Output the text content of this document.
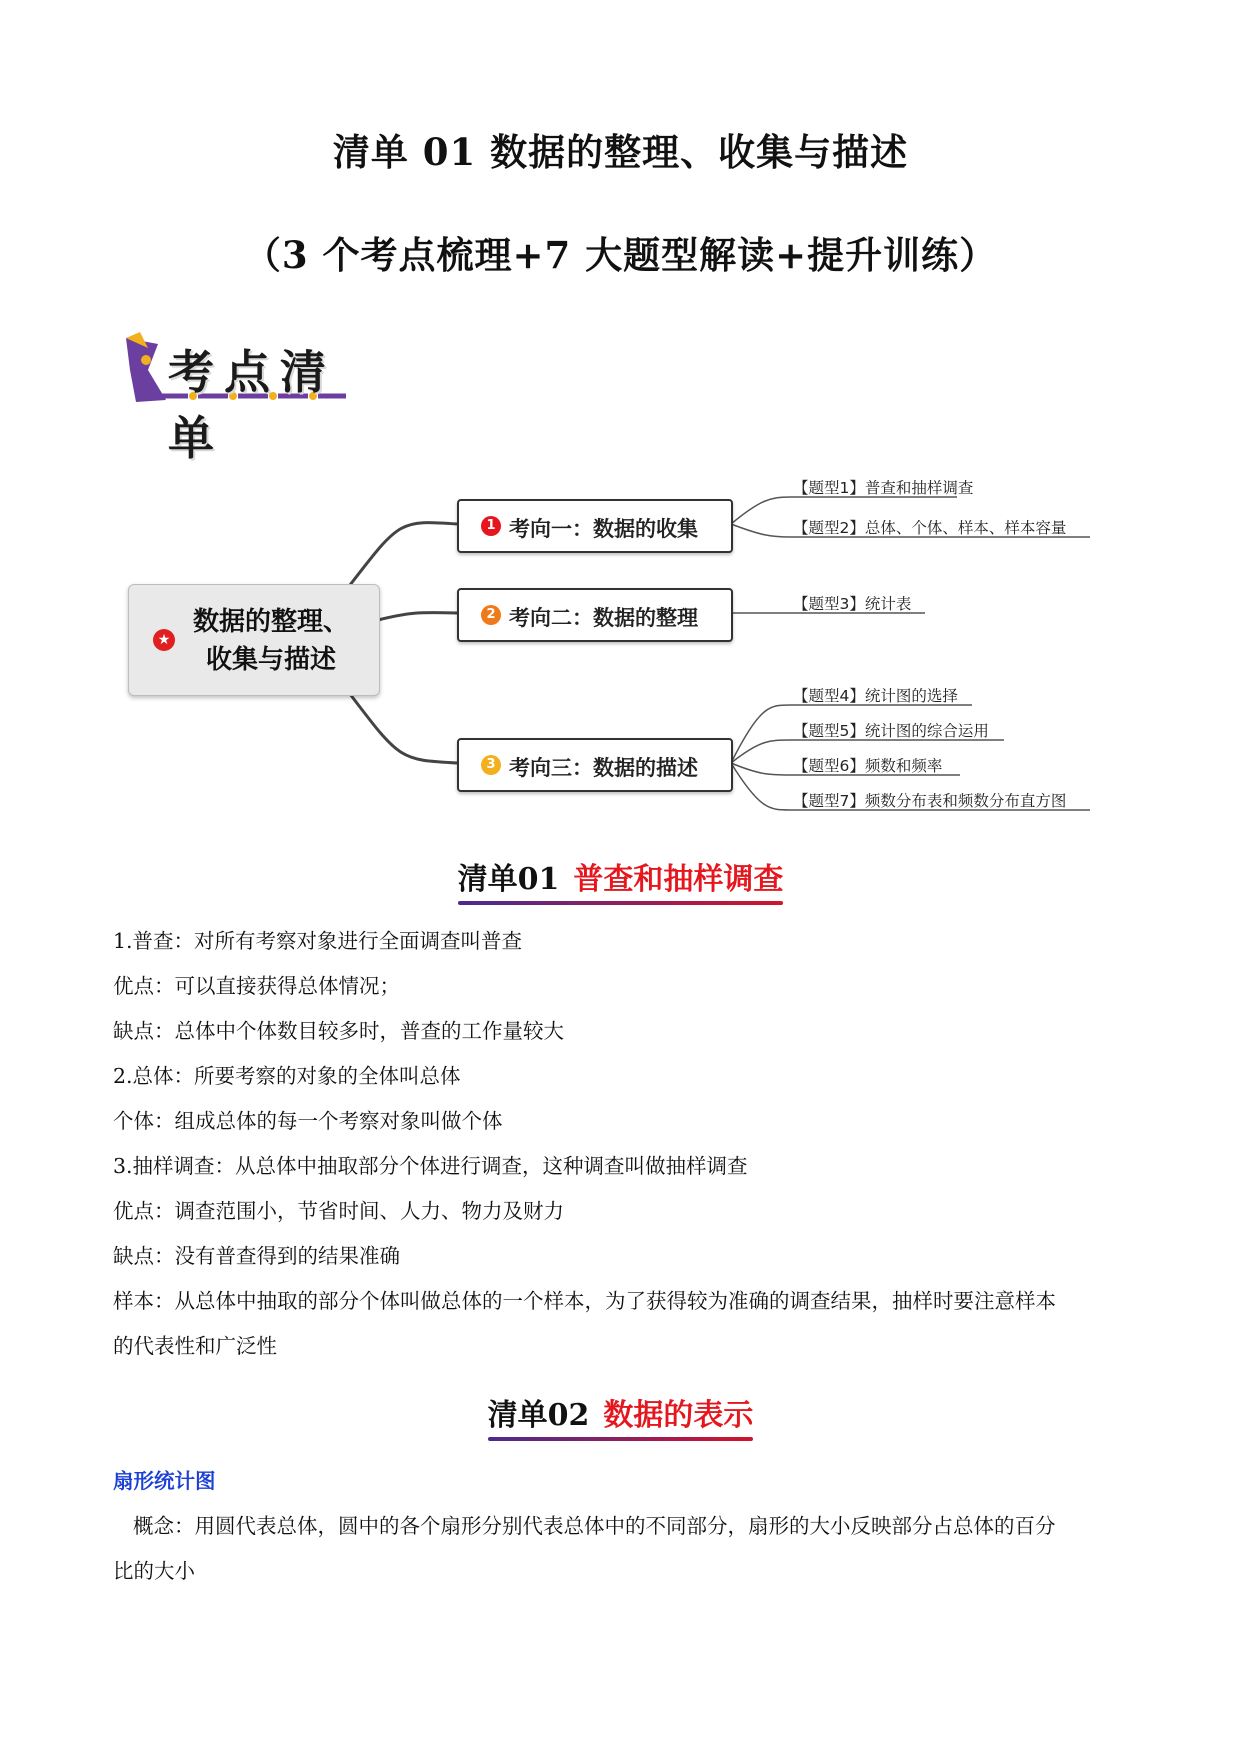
清单 01 数据的整理、收集与描述
（3 个考点梳理+7 大题型解读+提升训练）
考点清单
★
数据的整理、
收集与描述
1 考向一：数据的收集
2 考向二：数据的整理
3 考向三：数据的描述
【题型1】普查和抽样调查
【题型2】总体、个体、样本、样本容量
【题型3】统计表
【题型4】统计图的选择
【题型5】统计图的综合运用
【题型6】频数和频率
【题型7】频数分布表和频数分布直方图
清单01 普查和抽样调查
1.普查：对所有考察对象进行全面调查叫普查
优点：可以直接获得总体情况；
缺点：总体中个体数目较多时，普查的工作量较大
2.总体：所要考察的对象的全体叫总体
个体：组成总体的每一个考察对象叫做个体
3.抽样调查：从总体中抽取部分个体进行调查，这种调查叫做抽样调查
优点：调查范围小，节省时间、人力、物力及财力
缺点：没有普查得到的结果准确
样本：从总体中抽取的部分个体叫做总体的一个样本，为了获得较为准确的调查结果，抽样时要注意样本
的代表性和广泛性
清单02 数据的表示
扇形统计图
概念：用圆代表总体，圆中的各个扇形分别代表总体中的不同部分，扇形的大小反映部分占总体的百分
比的大小
